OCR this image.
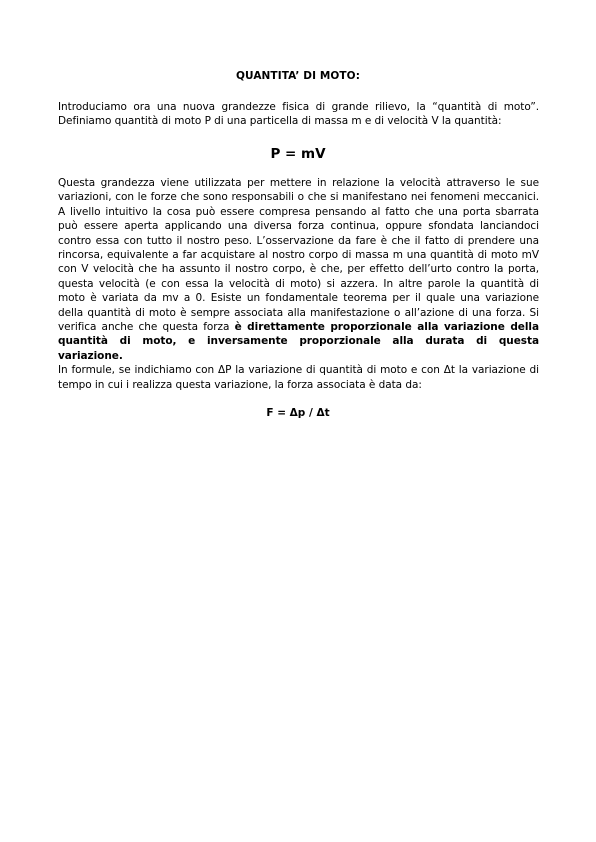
QUANTITA’ DI MOTO:
Introduciamo ora una nuova grandezze fisica di grande rilievo, la “quantità di moto”.
Definiamo quantità di moto P di una particella di massa m e di velocità V la quantità:
P = mV
Questa grandezza viene utilizzata per mettere in relazione la velocità attraverso le sue
variazioni, con le forze che sono responsabili o che si manifestano nei fenomeni meccanici.
A livello intuitivo la cosa può essere compresa pensando al fatto che una porta sbarrata
può essere aperta applicando una diversa forza continua, oppure sfondata lanciandoci
contro essa con tutto il nostro peso. L’osservazione da fare è che il fatto di prendere una
rincorsa, equivalente a far acquistare al nostro corpo di massa m una quantità di moto mV
con V velocità che ha assunto il nostro corpo, è che, per effetto dell’urto contro la porta,
questa velocità (e con essa la velocità di moto) si azzera. In altre parole la quantità di
moto è variata da mv a 0. Esiste un fondamentale teorema per il quale una variazione
della quantità di moto è sempre associata alla manifestazione o all’azione di una forza. Si
verifica anche che questa forza è direttamente proporzionale alla variazione della
quantità di moto, e inversamente proporzionale alla durata di questa
variazione.
In formule, se indichiamo con ΔP la variazione di quantità di moto e con Δt la variazione di
tempo in cui i realizza questa variazione, la forza associata è data da:
F = Δp / Δt
